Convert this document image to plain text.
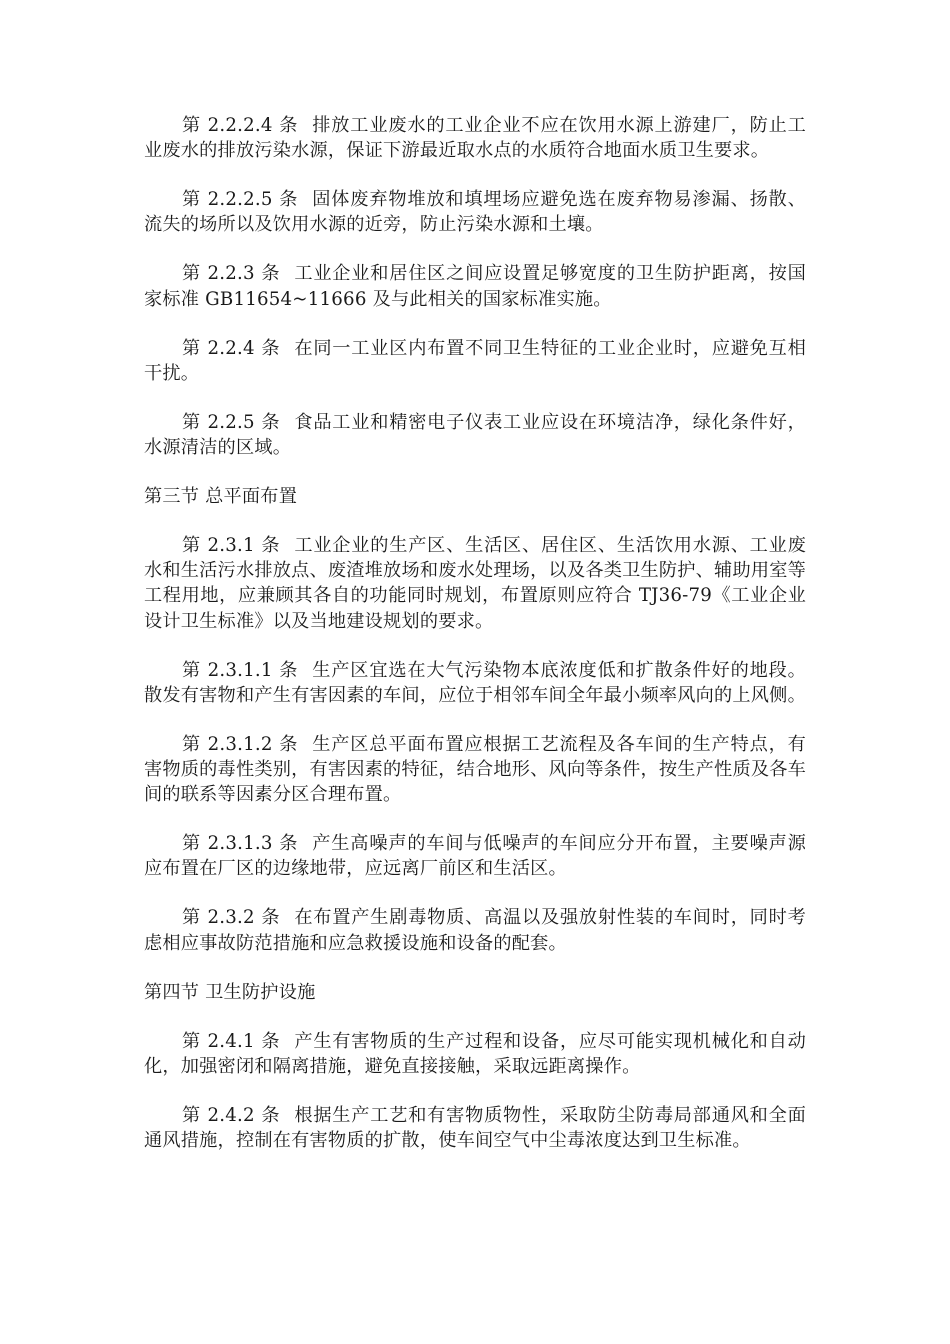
第 2.2.2.4 条 排放工业废水的工业企业不应在饮用水源上游建厂，防止工业废水的排放污染水源，保证下游最近取水点的水质符合地面水质卫生要求。

第 2.2.2.5 条 固体废弃物堆放和填埋场应避免选在废弃物易渗漏、扬散、流失的场所以及饮用水源的近旁，防止污染水源和土壤。

第 2.2.3 条 工业企业和居住区之间应设置足够宽度的卫生防护距离，按国家标准 GB11654~11666 及与此相关的国家标准实施。

第 2.2.4 条 在同一工业区内布置不同卫生特征的工业企业时，应避免互相干扰。

第 2.2.5 条 食品工业和精密电子仪表工业应设在环境洁净，绿化条件好，水源清洁的区域。

第三节 总平面布置

第 2.3.1 条 工业企业的生产区、生活区、居住区、生活饮用水源、工业废水和生活污水排放点、废渣堆放场和废水处理场，以及各类卫生防护、辅助用室等工程用地，应兼顾其各自的功能同时规划，布置原则应符合 TJ36-79《工业企业设计卫生标准》以及当地建设规划的要求。

第 2.3.1.1 条 生产区宜选在大气污染物本底浓度低和扩散条件好的地段。散发有害物和产生有害因素的车间，应位于相邻车间全年最小频率风向的上风侧。

第 2.3.1.2 条 生产区总平面布置应根据工艺流程及各车间的生产特点，有害物质的毒性类别，有害因素的特征，结合地形、风向等条件，按生产性质及各车间的联系等因素分区合理布置。

第 2.3.1.3 条 产生高噪声的车间与低噪声的车间应分开布置，主要噪声源应布置在厂区的边缘地带，应远离厂前区和生活区。

第 2.3.2 条 在布置产生剧毒物质、高温以及强放射性装的车间时，同时考虑相应事故防范措施和应急救援设施和设备的配套。

第四节 卫生防护设施

第 2.4.1 条 产生有害物质的生产过程和设备，应尽可能实现机械化和自动化，加强密闭和隔离措施，避免直接接触，采取远距离操作。

第 2.4.2 条 根据生产工艺和有害物质物性，采取防尘防毒局部通风和全面通风措施，控制在有害物质的扩散，使车间空气中尘毒浓度达到卫生标准。
